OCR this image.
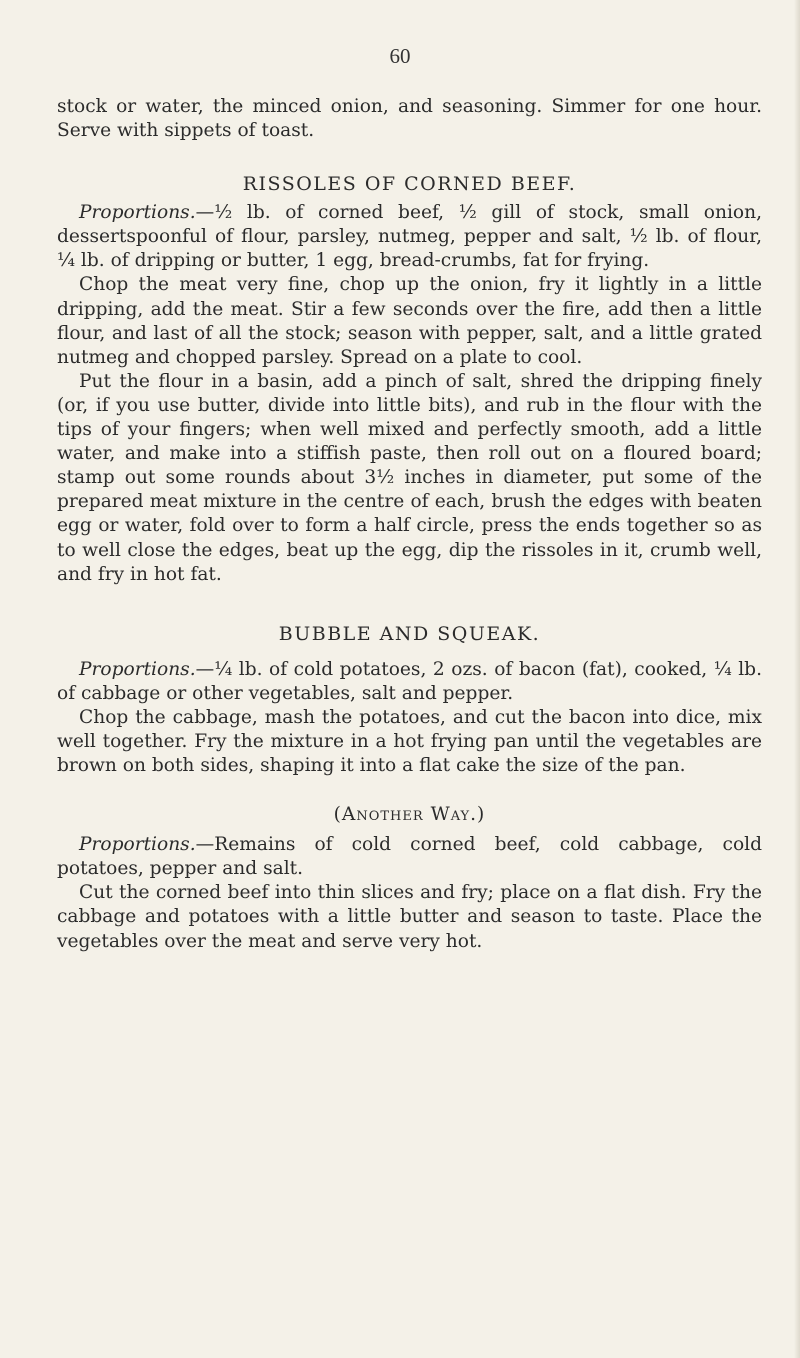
60

stock or water, the minced onion, and seasoning. Simmer for one hour. Serve with sippets of toast.

RISSOLES OF CORNED BEEF.

Proportions.—½ lb. of corned beef, ½ gill of stock, small onion, dessertspoonful of flour, parsley, nutmeg, pepper and salt, ½ lb. of flour, ¼ lb. of dripping or butter, 1 egg, bread-crumbs, fat for frying.

Chop the meat very fine, chop up the onion, fry it lightly in a little dripping, add the meat. Stir a few seconds over the fire, add then a little flour, and last of all the stock; season with pepper, salt, and a little grated nutmeg and chopped parsley. Spread on a plate to cool.

Put the flour in a basin, add a pinch of salt, shred the dripping finely (or, if you use butter, divide into little bits), and rub in the flour with the tips of your fingers; when well mixed and perfectly smooth, add a little water, and make into a stiffish paste, then roll out on a floured board; stamp out some rounds about 3½ inches in diameter, put some of the prepared meat mixture in the centre of each, brush the edges with beaten egg or water, fold over to form a half circle, press the ends together so as to well close the edges, beat up the egg, dip the rissoles in it, crumb well, and fry in hot fat.

BUBBLE AND SQUEAK.

Proportions.—¼ lb. of cold potatoes, 2 ozs. of bacon (fat), cooked, ¼ lb. of cabbage or other vegetables, salt and pepper.

Chop the cabbage, mash the potatoes, and cut the bacon into dice, mix well together. Fry the mixture in a hot frying pan until the vegetables are brown on both sides, shaping it into a flat cake the size of the pan.

(Another Way.)

Proportions.—Remains of cold corned beef, cold cabbage, cold potatoes, pepper and salt.

Cut the corned beef into thin slices and fry; place on a flat dish. Fry the cabbage and potatoes with a little butter and season to taste. Place the vegetables over the meat and serve very hot.
